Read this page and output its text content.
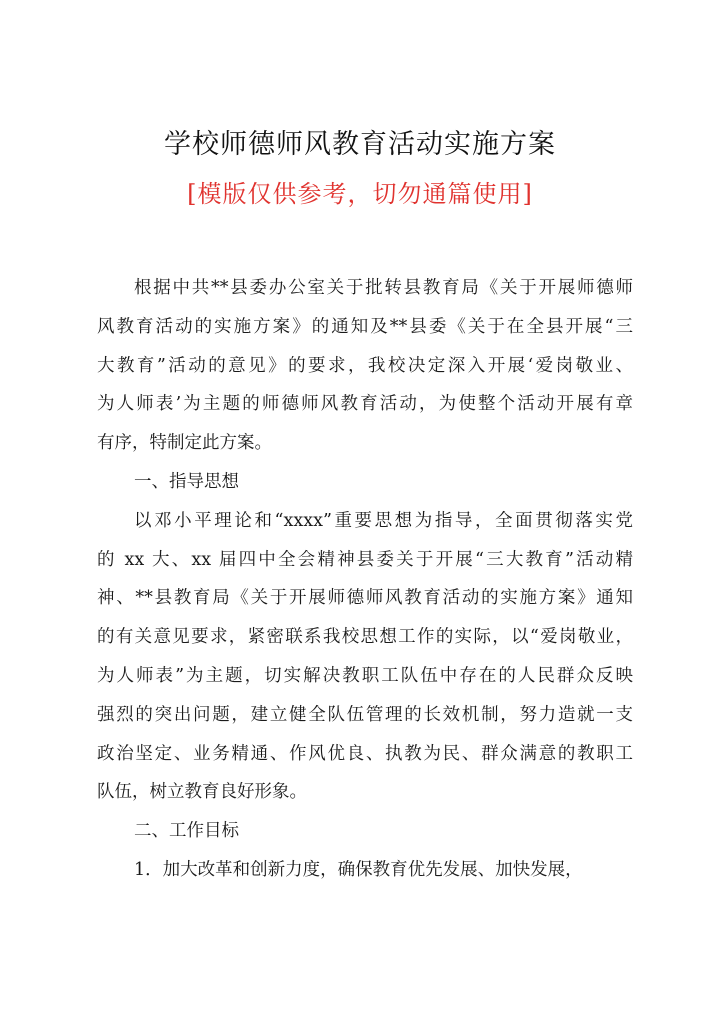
学校师德师风教育活动实施方案

[模版仅供参考，切勿通篇使用]

根据中共**县委办公室关于批转县教育局《关于开展师德师
风教育活动的实施方案》的通知及**县委《关于在全县开展“三
大教育”活动的意见》的要求，我校决定深入开展‘爱岗敬业、
为人师表’为主题的师德师风教育活动，为使整个活动开展有章
有序，特制定此方案。
一、指导思想
以邓小平理论和“xxxx”重要思想为指导，全面贯彻落实党
的 xx 大、xx 届四中全会精神县委关于开展“三大教育”活动精
神、**县教育局《关于开展师德师风教育活动的实施方案》通知
的有关意见要求，紧密联系我校思想工作的实际，以“爱岗敬业，
为人师表”为主题，切实解决教职工队伍中存在的人民群众反映
强烈的突出问题，建立健全队伍管理的长效机制，努力造就一支
政治坚定、业务精通、作风优良、执教为民、群众满意的教职工
队伍，树立教育良好形象。
二、工作目标
1．加大改革和创新力度，确保教育优先发展、加快发展，
